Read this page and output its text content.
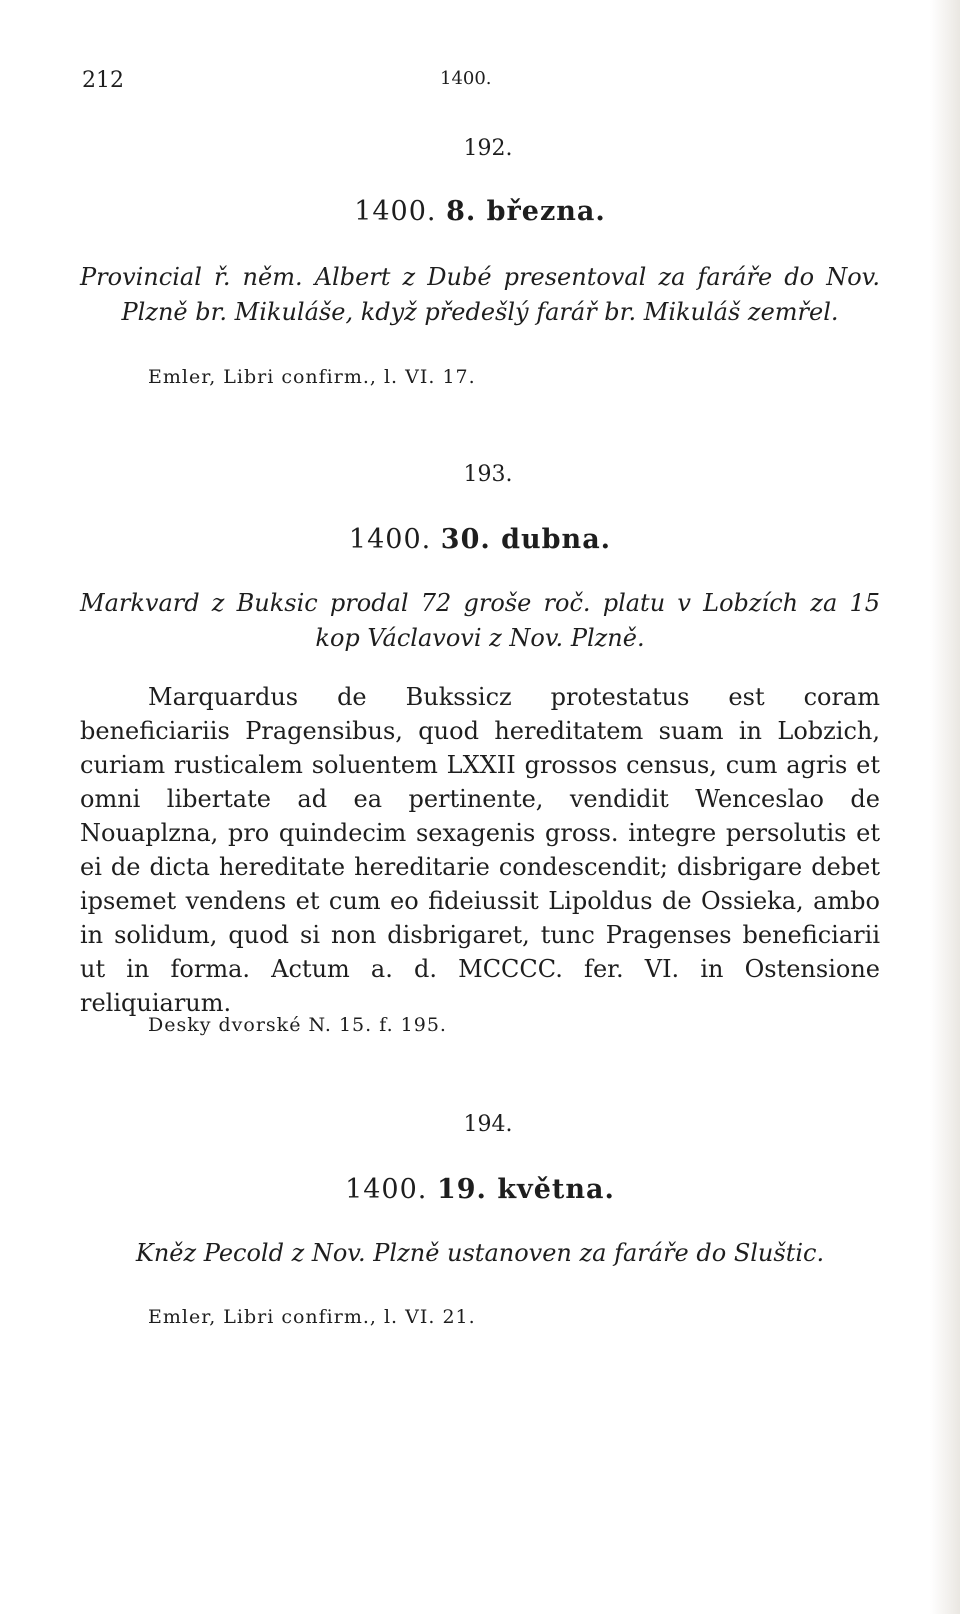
212	1400.
192.
1400. 8. března.
Provincial ř. něm. Albert z Dubé presentoval za faráře do Nov. Plzně br. Mikuláše, když předešlý farář br. Mikuláš zemřel.
Emler, Libri confirm., l. VI. 17.
193.
1400. 30. dubna.
Markvard z Buksic prodal 72 groše roč. platu v Lobzích za 15 kop Václavovi z Nov. Plzně.
Marquardus de Bukssicz protestatus est coram beneficiariis Pragensibus, quod hereditatem suam in Lobzich, curiam rusticalem soluentem LXXII grossos census, cum agris et omni libertate ad ea pertinente, vendidit Wenceslao de Nouaplzna, pro quindecim sexagenis gross. integre persolutis et ei de dicta hereditate hereditarie condescendit; disbrigare debet ipsemet vendens et cum eo fideiussit Lipoldus de Ossieka, ambo in solidum, quod si non disbrigaret, tunc Pragenses beneficiarii ut in forma. Actum a. d. MCCCC. fer. VI. in Ostensione reliquiarum.
Desky dvorské N. 15. f. 195.
194.
1400. 19. května.
Kněz Pecold z Nov. Plzně ustanoven za faráře do Sluštic.
Emler, Libri confirm., l. VI. 21.
